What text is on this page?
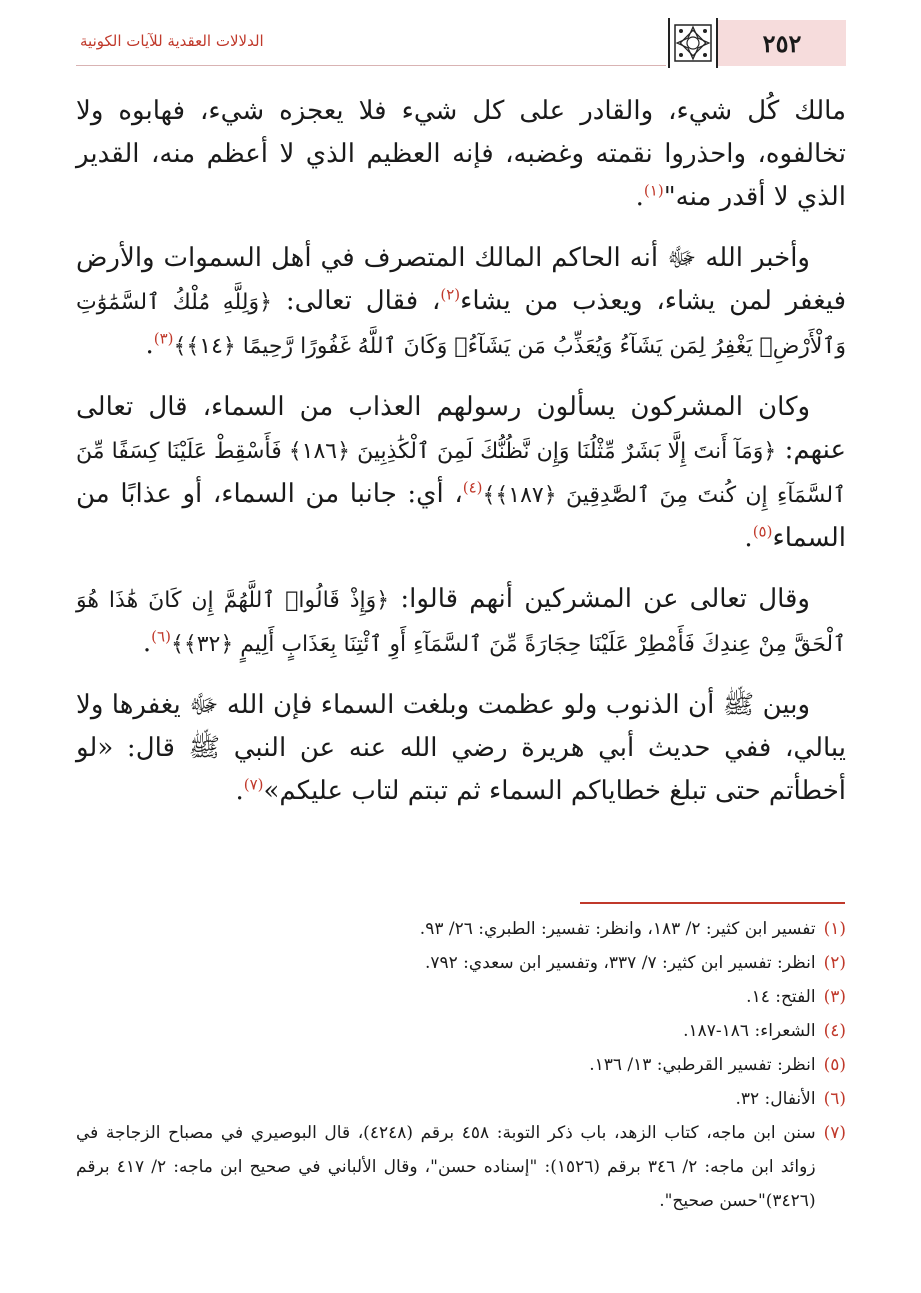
٢٥٢
الدلالات العقدية للآيات الكونية

مالك كُل شيء، والقادر على كل شيء فلا يعجزه شيء، فهابوه ولا تخالفوه، واحذروا نقمته وغضبه، فإنه العظيم الذي لا أعظم منه، القدير الذي لا أقدر منه"$^{(١)}$.

وأخبر الله ﷻ أنه الحاكم المالك المتصرف في أهل السموات والأرض فيغفر لمن يشاء، ويعذب من يشاء$^{(٢)}$، فقال تعالى: ﴿وَلِلَّهِ مُلْكُ ٱلسَّمَٰوَٰتِ وَٱلْأَرْضِۚ يَغْفِرُ لِمَن يَشَآءُ وَيُعَذِّبُ مَن يَشَآءُۚ وَكَانَ ٱللَّهُ غَفُورًا رَّحِيمًا ﴿١٤﴾﴾$^{(٣)}$.

وكان المشركون يسألون رسولهم العذاب من السماء، قال تعالى عنهم: ﴿وَمَآ أَنتَ إِلَّا بَشَرٌ مِّثْلُنَا وَإِن نَّظُنُّكَ لَمِنَ ٱلْكَٰذِبِينَ ﴿١٨٦﴾ فَأَسْقِطْ عَلَيْنَا كِسَفًا مِّنَ ٱلسَّمَآءِ إِن كُنتَ مِنَ ٱلصَّٰدِقِينَ ﴿١٨٧﴾﴾$^{(٤)}$، أي: جانبا من السماء، أو عذابًا من السماء$^{(٥)}$.

وقال تعالى عن المشركين أنهم قالوا: ﴿وَإِذْ قَالُوا۟ ٱللَّهُمَّ إِن كَانَ هَٰذَا هُوَ ٱلْحَقَّ مِنْ عِندِكَ فَأَمْطِرْ عَلَيْنَا حِجَارَةً مِّنَ ٱلسَّمَآءِ أَوِ ٱئْتِنَا بِعَذَابٍ أَلِيمٍ ﴿٣٢﴾﴾$^{(٦)}$.

وبين ﷺ أن الذنوب ولو عظمت وبلغت السماء فإن الله ﷻ يغفرها ولا يبالي، ففي حديث أبي هريرة رضي الله عنه عن النبي ﷺ قال: «لو أخطأتم حتى تبلغ خطاياكم السماء ثم تبتم لتاب عليكم»$^{(٧)}$.

(١)
تفسير ابن كثير: ٢/ ١٨٣، وانظر: تفسير: الطبري: ٢٦/ ٩٣.
(٢)
انظر: تفسير ابن كثير: ٧/ ٣٣٧، وتفسير ابن سعدي: ٧٩٢.
(٣)
الفتح: ١٤.
(٤)
الشعراء: ١٨٦-١٨٧.
(٥)
انظر: تفسير القرطبي: ١٣/ ١٣٦.
(٦)
الأنفال: ٣٢.
(٧)
سنن ابن ماجه، كتاب الزهد، باب ذكر التوبة: ٤٥٨ برقم (٤٢٤٨)، قال البوصيري في مصباح الزجاجة في زوائد ابن ماجه: ٢/ ٣٤٦ برقم (١٥٢٦): "إسناده حسن"، وقال الألباني في صحيح ابن ماجه: ٢/ ٤١٧ برقم (٣٤٢٦)"حسن صحيح".
